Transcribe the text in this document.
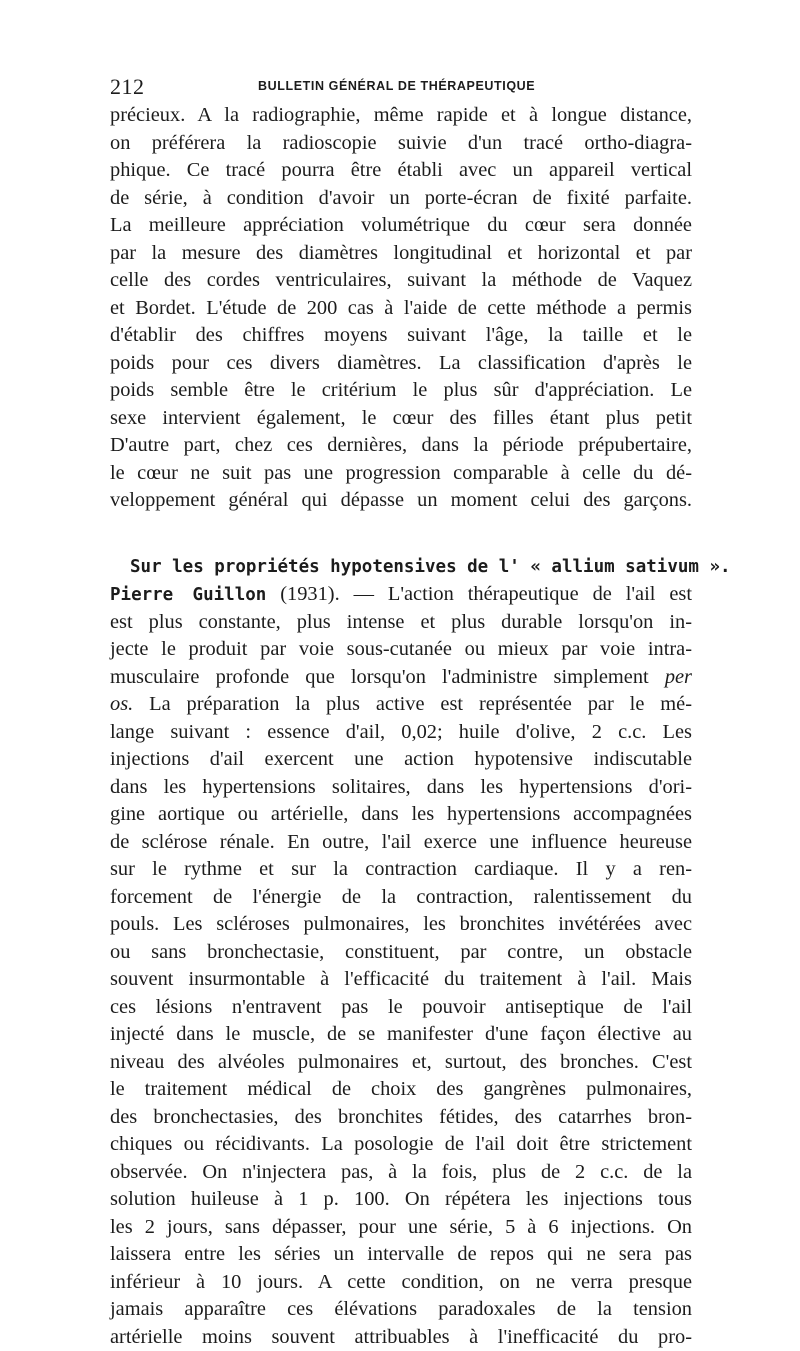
212	BULLETIN GÉNÉRAL DE THÉRAPEUTIQUE
précieux. A la radiographie, même rapide et à longue distance,
on préférera la radioscopie suivie d'un tracé ortho-diagra-
phique. Ce tracé pourra être établi avec un appareil vertical
de série, à condition d'avoir un porte-écran de fixité parfaite.
La meilleure appréciation volumétrique du cœur sera donnée
par la mesure des diamètres longitudinal et horizontal et par
celle des cordes ventriculaires, suivant la méthode de Vaquez
et Bordet. L'étude de 200 cas à l'aide de cette méthode a permis
d'établir des chiffres moyens suivant l'âge, la taille et le
poids pour ces divers diamètres. La classification d'après le
poids semble être le critérium le plus sûr d'appréciation. Le
sexe intervient également, le cœur des filles étant plus petit
D'autre part, chez ces dernières, dans la période prépubertaire,
le cœur ne suit pas une progression comparable à celle du dé-
veloppement général qui dépasse un moment celui des garçons.
Sur les propriétés hypotensives de l' « allium sativum ».
Pierre Guillon (1931). — L'action thérapeutique de l'ail est
est plus constante, plus intense et plus durable lorsqu'on in-
jecte le produit par voie sous-cutanée ou mieux par voie intra-
musculaire profonde que lorsqu'on l'administre simplement per
os. La préparation la plus active est représentée par le mé-
lange suivant : essence d'ail, 0,02; huile d'olive, 2 c.c. Les
injections d'ail exercent une action hypotensive indiscutable
dans les hypertensions solitaires, dans les hypertensions d'ori-
gine aortique ou artérielle, dans les hypertensions accompagnées
de sclérose rénale. En outre, l'ail exerce une influence heureuse
sur le rythme et sur la contraction cardiaque. Il y a ren-
forcement de l'énergie de la contraction, ralentissement du
pouls. Les scléroses pulmonaires, les bronchites invétérées avec
ou sans bronchectasie, constituent, par contre, un obstacle
souvent insurmontable à l'efficacité du traitement à l'ail. Mais
ces lésions n'entravent pas le pouvoir antiseptique de l'ail
injecté dans le muscle, de se manifester d'une façon élective au
niveau des alvéoles pulmonaires et, surtout, des bronches. C'est
le traitement médical de choix des gangrènes pulmonaires,
des bronchectasies, des bronchites fétides, des catarrhes bron-
chiques ou récidivants. La posologie de l'ail doit être strictement
observée. On n'injectera pas, à la fois, plus de 2 c.c. de la
solution huileuse à 1 p. 100. On répétera les injections tous
les 2 jours, sans dépasser, pour une série, 5 à 6 injections. On
laissera entre les séries un intervalle de repos qui ne sera pas
inférieur à 10 jours. A cette condition, on ne verra presque
jamais apparaître ces élévations paradoxales de la tension
artérielle moins souvent attribuables à l'inefficacité du pro-
